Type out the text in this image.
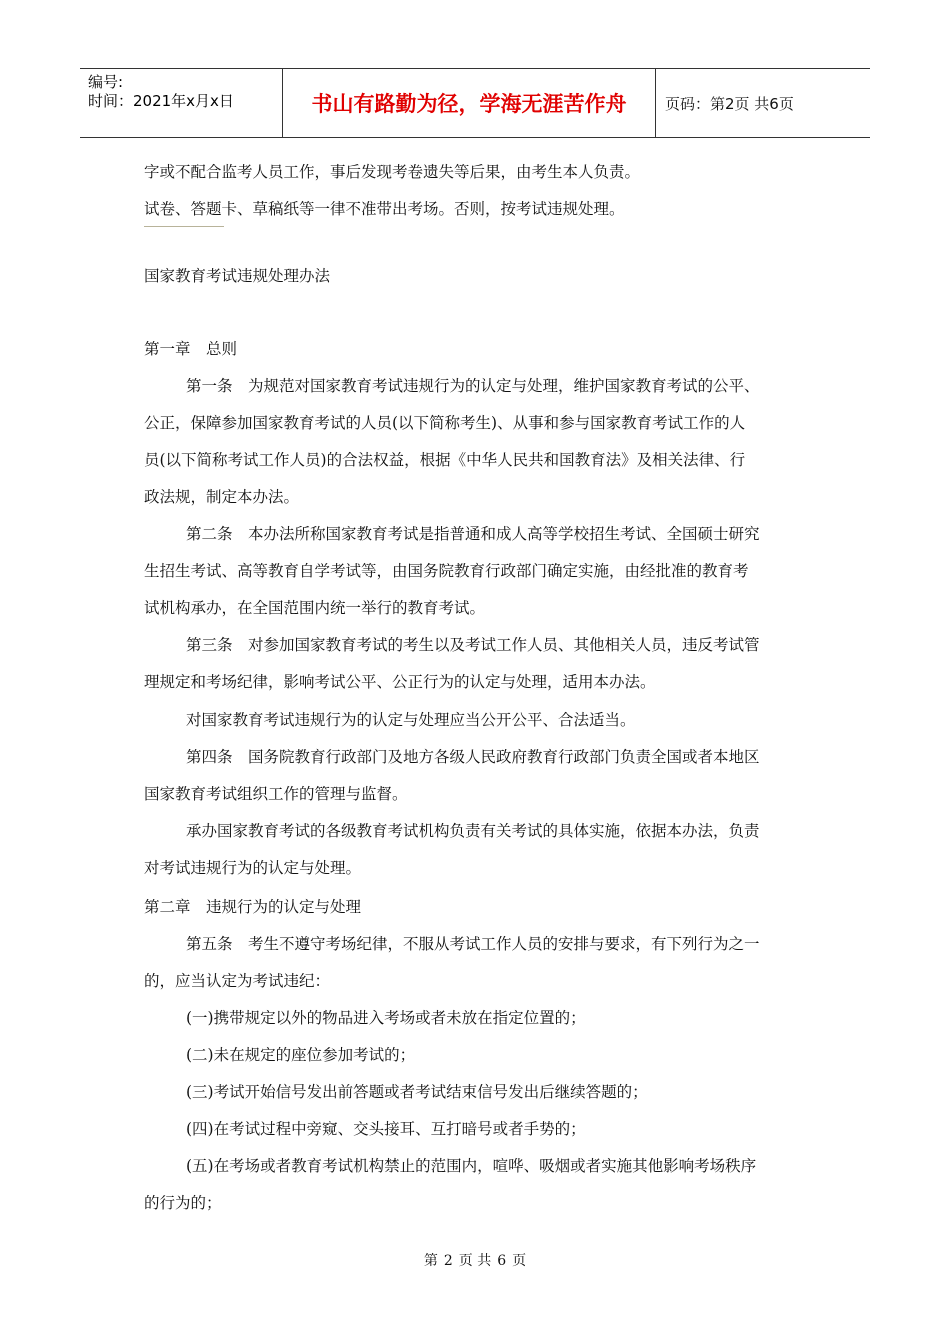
编号:
时间：2021年x月x日	书山有路勤为径，学海无涯苦作舟	页码：第2页 共6页
字或不配合监考人员工作，事后发现考卷遗失等后果，由考生本人负责。
试卷、答题卡、草稿纸等一律不准带出考场。否则，按考试违规处理。
国家教育考试违规处理办法
第一章　总则
第一条　为规范对国家教育考试违规行为的认定与处理，维护国家教育考试的公平、
公正，保障参加国家教育考试的人员(以下简称考生)、从事和参与国家教育考试工作的人
员(以下简称考试工作人员)的合法权益，根据《中华人民共和国教育法》及相关法律、行
政法规，制定本办法。
第二条　本办法所称国家教育考试是指普通和成人高等学校招生考试、全国硕士研究
生招生考试、高等教育自学考试等，由国务院教育行政部门确定实施，由经批准的教育考
试机构承办，在全国范围内统一举行的教育考试。
第三条　对参加国家教育考试的考生以及考试工作人员、其他相关人员，违反考试管
理规定和考场纪律，影响考试公平、公正行为的认定与处理，适用本办法。
对国家教育考试违规行为的认定与处理应当公开公平、合法适当。
第四条　国务院教育行政部门及地方各级人民政府教育行政部门负责全国或者本地区
国家教育考试组织工作的管理与监督。
承办国家教育考试的各级教育考试机构负责有关考试的具体实施，依据本办法，负责
对考试违规行为的认定与处理。
第二章　违规行为的认定与处理
第五条　考生不遵守考场纪律，不服从考试工作人员的安排与要求，有下列行为之一
的，应当认定为考试违纪：
(一)携带规定以外的物品进入考场或者未放在指定位置的；
(二)未在规定的座位参加考试的；
(三)考试开始信号发出前答题或者考试结束信号发出后继续答题的；
(四)在考试过程中旁窥、交头接耳、互打暗号或者手势的；
(五)在考场或者教育考试机构禁止的范围内，喧哗、吸烟或者实施其他影响考场秩序
的行为的；
第 2 页 共 6 页
